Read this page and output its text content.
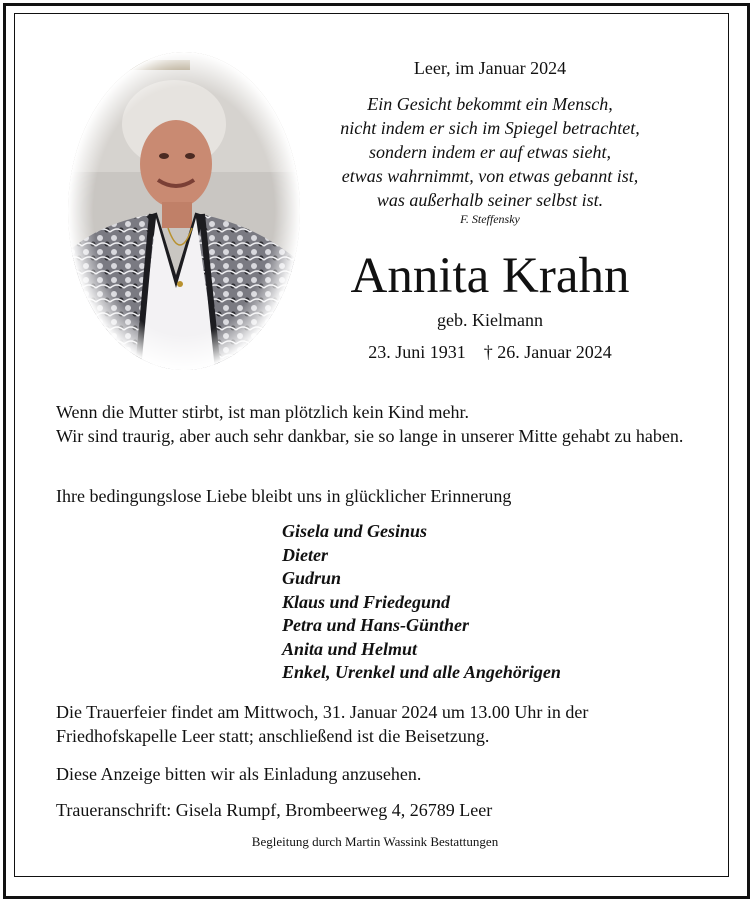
Leer, im Januar 2024
Ein Gesicht bekommt ein Mensch,
nicht indem er sich im Spiegel betrachtet,
sondern indem er auf etwas sieht,
etwas wahrnimmt, von etwas gebannt ist,
was außerhalb seiner selbst ist.
F. Steffensky
Annita Krahn
geb. Kielmann
23. Juni 1931 † 26. Januar 2024
Wenn die Mutter stirbt, ist man plötzlich kein Kind mehr.
Wir sind traurig, aber auch sehr dankbar, sie so lange in unserer Mitte gehabt zu haben.
Ihre bedingungslose Liebe bleibt uns in glücklicher Erinnerung
Gisela und Gesinus
Dieter
Gudrun
Klaus und Friedegund
Petra und Hans-Günther
Anita und Helmut
Enkel, Urenkel und alle Angehörigen
Die Trauerfeier findet am Mittwoch, 31. Januar 2024 um 13.00 Uhr in der Friedhofskapelle Leer statt; anschließend ist die Beisetzung.
Diese Anzeige bitten wir als Einladung anzusehen.
Traueranschrift: Gisela Rumpf, Brombeerweg 4, 26789 Leer
Begleitung durch Martin Wassink Bestattungen
